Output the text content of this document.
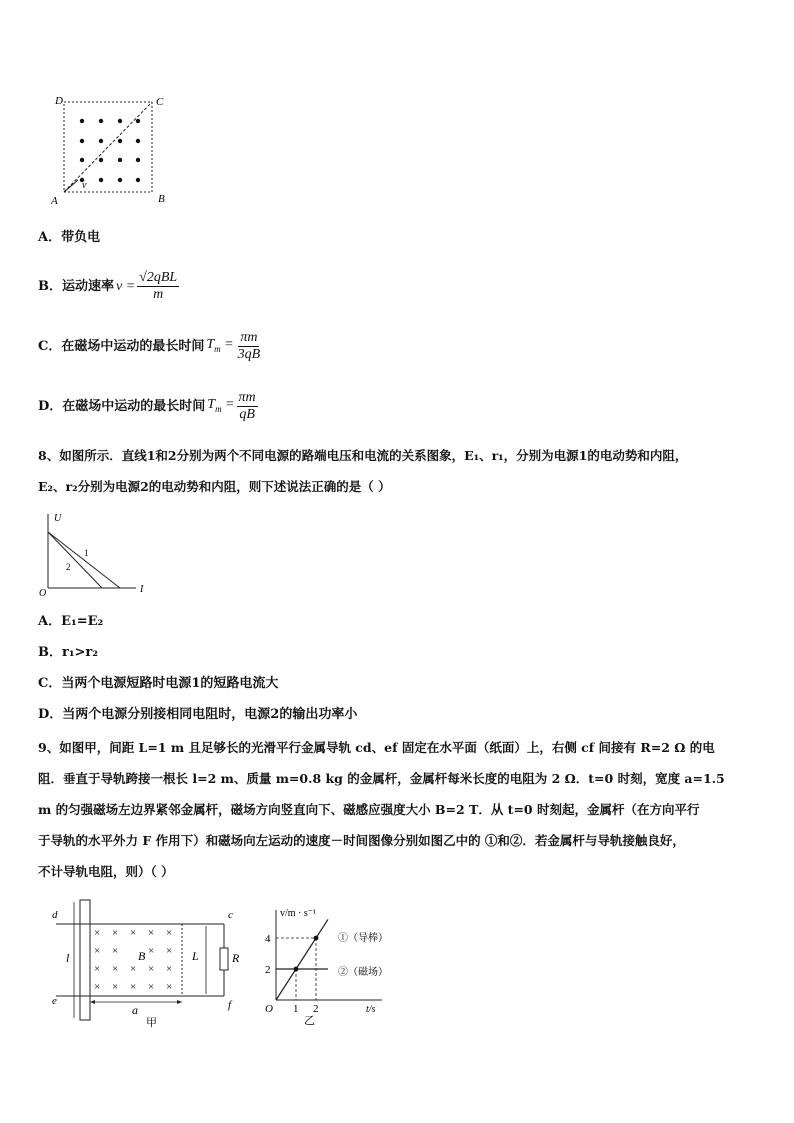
D	C
A	B
v
A．带负电
B．运动速率 $v = \frac{\text{√2qBL}}{m}$
C．在磁场中运动的最长时间 $T_m = \frac{\pi m}{3qB}$
D．在磁场中运动的最长时间 $T_m = \frac{\pi m}{qB}$
8、如图所示．直线1和2分别为两个不同电源的路端电压和电流的关系图象，E₁、r₁，分别为电源1的电动势和内阻，
E₂、r₂分别为电源2的电动势和内阻，则下述说法正确的是（ ）
U
I
O
1
2
A．E₁=E₂
B．r₁>r₂
C．当两个电源短路时电源1的短路电流大
D．当两个电源分别接相同电阻时，电源2的输出功率小
9、如图甲，间距 L=1 m 且足够长的光滑平行金属导轨 cd、ef 固定在水平面（纸面）上，右侧 cf 间接有 R=2 Ω 的电
阻．垂直于导轨跨接一根长 l=2 m、质量 m=0.8 kg 的金属杆，金属杆每米长度的电阻为 2 Ω．t=0 时刻，宽度 a=1.5
m 的匀强磁场左边界紧邻金属杆，磁场方向竖直向下、磁感应强度大小 B=2 T．从 t=0 时刻起，金属杆（在方向平行
于导轨的水平外力 F 作用下）和磁场向左运动的速度－时间图像分别如图乙中的 ①和②．若金属杆与导轨接触良好，
不计导轨电阻，则）（ ）
× × × × ×
× ×	× ×
× × × × ×
× × × × ×
d
e
c
f
B	L	R
l
a
甲
2
4
1 2
v/m · s⁻¹
t/s
O
①（导棒）
②（磁场）
乙
